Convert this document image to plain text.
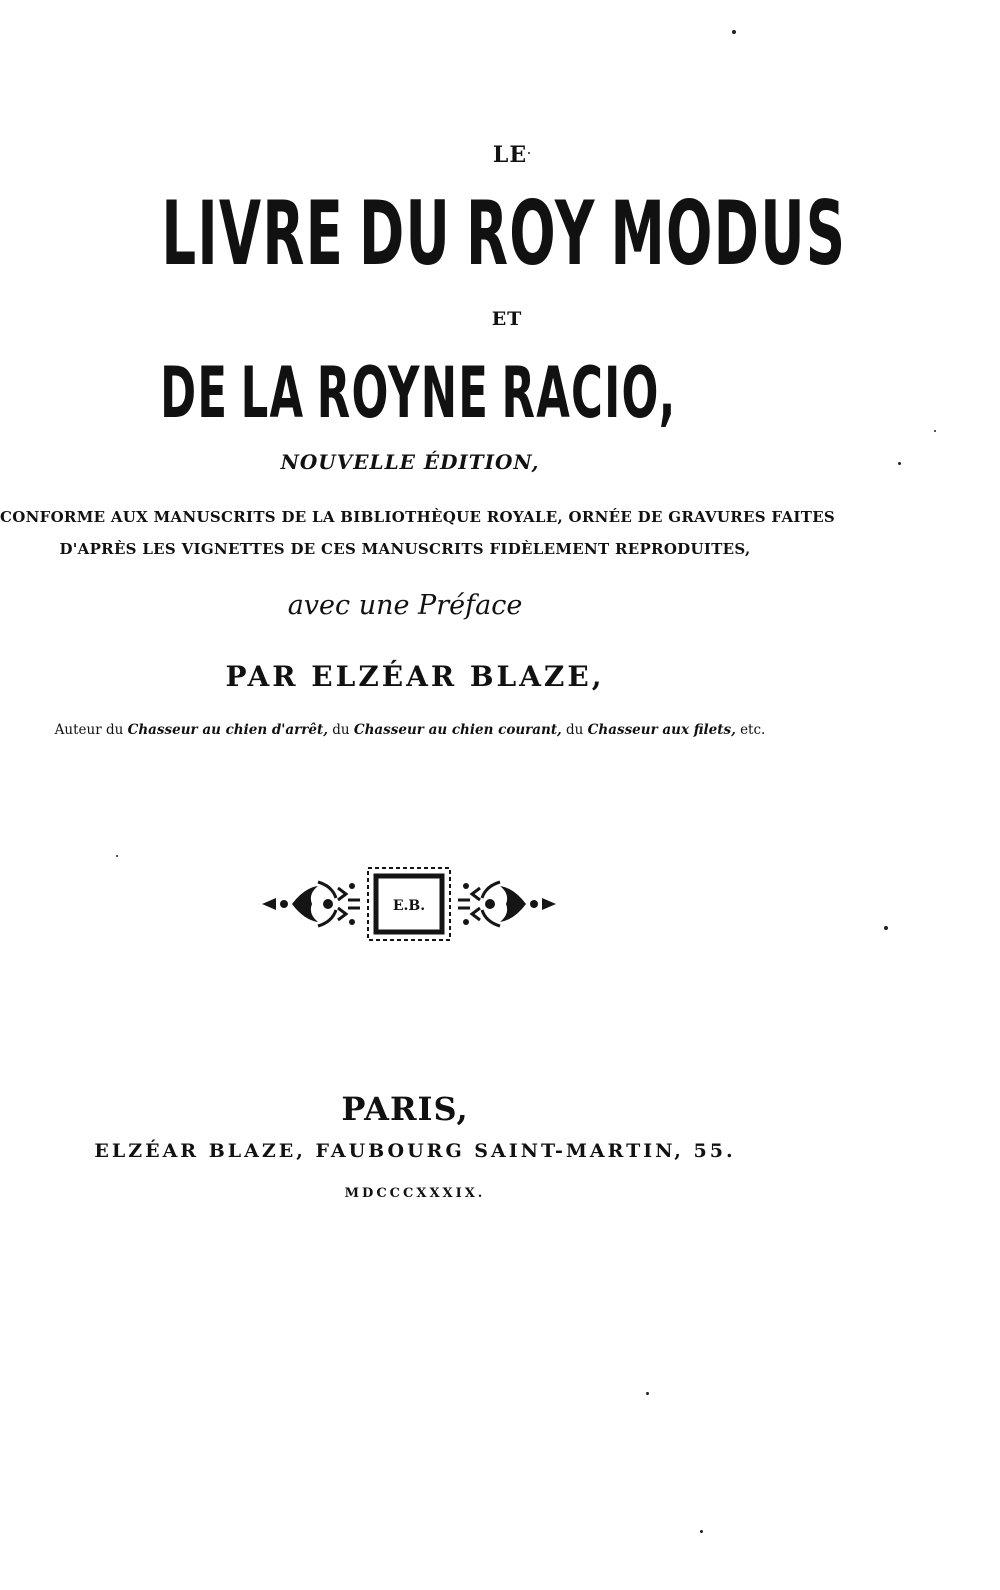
LE
LIVRE DU ROY MODUS
ET
DE LA ROYNE RACIO,
NOUVELLE ÉDITION,
CONFORME AUX MANUSCRITS DE LA BIBLIOTHÈQUE ROYALE, ORNÉE DE GRAVURES FAITES
D'APRÈS LES VIGNETTES DE CES MANUSCRITS FIDÈLEMENT REPRODUITES,
avec une Préface
PAR ELZÉAR BLAZE,
Auteur du Chasseur au chien d'arrêt, du Chasseur au chien courant, du Chasseur aux filets, etc.
E.B.
PARIS,
ELZÉAR BLAZE, FAUBOURG SAINT-MARTIN, 55.
MDCCCXXXIX.
